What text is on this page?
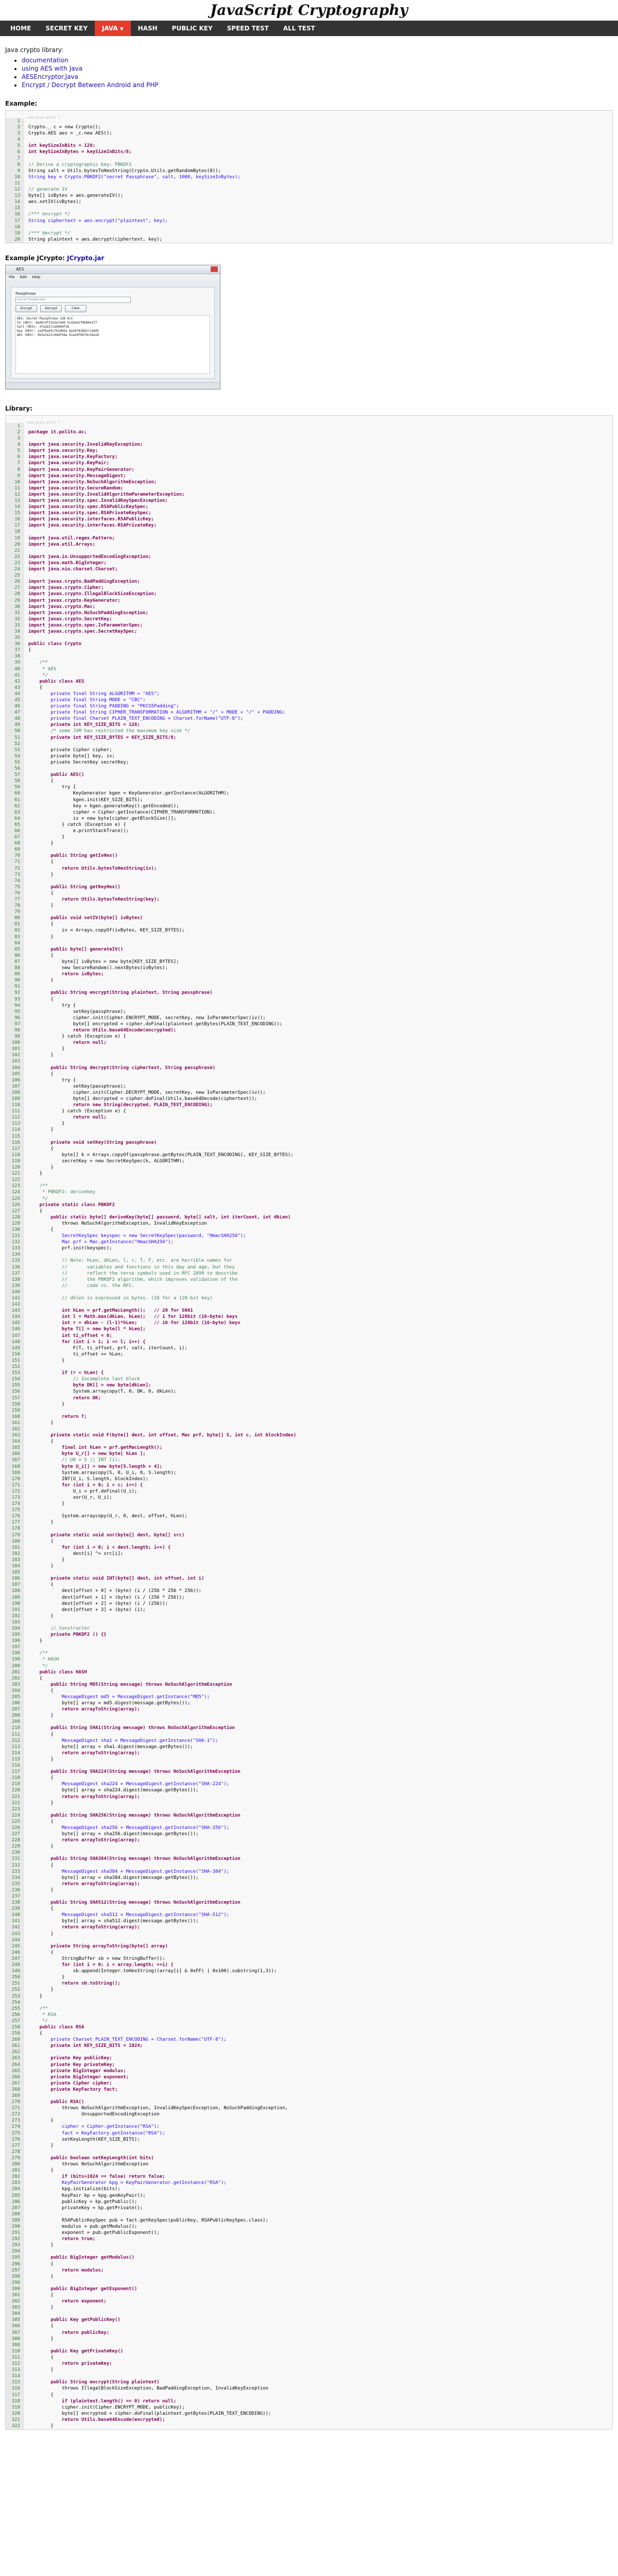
JavaScript Cryptography
HOME	SECRET KEY	JAVA ▼	HASH	PUBLIC KEY	SPEED TEST	ALL TEST

Java crypto library:

• documentation
• using AES with Java
• AESEncryptor.Java
• Encrypt / Decrypt Between Android and PHP
Example:
view plain print ?
1
2	Crypto._ c = new Crypto();
3	Crypto.AES aes = _c.new AES();
4
5	int keySizeInBits = 128;
6	int keySizeInBytes = keySizeInBits/8;
7
8	// Derive a cryptographic key: PBKDF2
9	String salt = Utils.bytesToHexString(Crypto.Utils.getRandomBytes(8));
10	String key = Crypto.PBKDF2("secret Passphrase", salt, 1000, keySizeInBytes);
11
12	// generate IV
13	byte[] ivBytes = aes.generateIV();
14	aes.setIV(ivBytes);
15
16	/*** encrypt */
17	String ciphertext = aes.encrypt("plaintext", key);
18
19	/*** decrypt */
20	String plaintext = aes.decrypt(ciphertext, key);
Example JCrypto: JCrypto.jar
AES
File Edit Help
Passphrase
Secret Passphrase
Encrypt	Decrypt	Clear
AES: Secret Passphrase 128 bit
IV (HEX): 8ad9c4f21b3e7a90 5cd2e61f0b84a377
Salt (HEX): 3fa1b27ce0d94f18
Key (HEX): 1e4f9a03c7b2d65e 8a10f43b92c7e0d5
AES (HEX): 9b3a7e21c04df58a 61e29f0b7dc34a18
Library:
view plain print ?
1
2	package it.polito.ac;
3
4	import java.security.InvalidKeyException;
5	import java.security.Key;
6	import java.security.KeyFactory;
7	import java.security.KeyPair;
8	import java.security.KeyPairGenerator;
9	import java.security.MessageDigest;
10	import java.security.NoSuchAlgorithmException;
11	import java.security.SecureRandom;
12	import java.security.InvalidAlgorithmParameterException;
13	import java.security.spec.InvalidKeySpecException;
14	import java.security.spec.RSAPublicKeySpec;
15	import java.security.spec.RSAPrivateKeySpec;
16	import java.security.interfaces.RSAPublicKey;
17	import java.security.interfaces.RSAPrivateKey;
18
19	import java.util.regex.Pattern;
20	import java.util.Arrays;
21
22	import java.io.UnsupportedEncodingException;
23	import java.math.BigInteger;
24	import java.nio.charset.Charset;
25
26	import javax.crypto.BadPaddingException;
27	import javax.crypto.Cipher;
28	import javax.crypto.IllegalBlockSizeException;
29	import javax.crypto.KeyGenerator;
30	import javax.crypto.Mac;
31	import javax.crypto.NoSuchPaddingException;
32	import javax.crypto.SecretKey;
33	import javax.crypto.spec.IvParameterSpec;
34	import javax.crypto.spec.SecretKeySpec;
35
36	public class Crypto
37	{
38
39	/**
40	* AES
41	*/
42	public class AES
43	{
44	private final String ALGORITHM = "AES";
45	private final String MODE = "CBC";
46	private final String PADDING = "PKCS5Padding";
47	private final String CIPHER_TRANSFORMATION = ALGORITHM + "/" + MODE + "/" + PADDING;
48	private final Charset PLAIN_TEXT_ENCODING = Charset.forName("UTF-8");
49	private int KEY_SIZE_BITS = 128;
50	/* some JVM has restricted the maximum key size */
51	private int KEY_SIZE_BYTES = KEY_SIZE_BITS/8;
52
53	private Cipher cipher;
54	private byte[] key, iv;
55	private SecretKey secretKey;
56
57	public AES()
58	{
59	try {
60	KeyGenerator kgen = KeyGenerator.getInstance(ALGORITHM);
61	kgen.init(KEY_SIZE_BITS);
62	key = kgen.generateKey().getEncoded();
63	cipher = Cipher.getInstance(CIPHER_TRANSFORMATION);
64	iv = new byte[cipher.getBlockSize()];
65	} catch (Exception e) {
66	e.printStackTrace();
67	}
68	}
69
70	public String getIvHex()
71	{
72	return Utils.bytesToHexString(iv);
73	}
74
75	public String getKeyHex()
76	{
77	return Utils.bytesToHexString(key);
78	}
79
80	public void setIV(byte[] ivBytes)
81	{
82	iv = Arrays.copyOf(ivBytes, KEY_SIZE_BYTES);
83	}
84
85	public byte[] generateIV()
86	{
87	byte[] ivBytes = new byte[KEY_SIZE_BYTES];
88	new SecureRandom().nextBytes(ivBytes);
89	return ivBytes;
90	}
91
92	public String encrypt(String plaintext, String passphrase)
93	{
94	try {
95	setKey(passphrase);
96	cipher.init(Cipher.ENCRYPT_MODE, secretKey, new IvParameterSpec(iv));
97	byte[] encrypted = cipher.doFinal(plaintext.getBytes(PLAIN_TEXT_ENCODING));
98	return Utils.base64Encode(encrypted);
99	} catch (Exception e) {
100	return null;
101	}
102	}
103
104	public String decrypt(String ciphertext, String passphrase)
105	{
106	try {
107	setKey(passphrase);
108	cipher.init(Cipher.DECRYPT_MODE, secretKey, new IvParameterSpec(iv));
109	byte[] decrypted = cipher.doFinal(Utils.base64Decode(ciphertext));
110	return new String(decrypted, PLAIN_TEXT_ENCODING);
111	} catch (Exception e) {
112	return null;
113	}
114	}
115
116	private void setKey(String passphrase)
117	{
118	byte[] k = Arrays.copyOf(passphrase.getBytes(PLAIN_TEXT_ENCODING), KEY_SIZE_BYTES);
119	secretKey = new SecretKeySpec(k, ALGORITHM);
120	}
121	}
122
123	/**
124	* PBKDF2: derivekey
125	*/
126	private static class PBKDF2
127	{
128	public static byte[] deriveKey(byte[] password, byte[] salt, int iterCount, int dkLen)
129	throws NoSuchAlgorithmException, InvalidKeyException
130	{
131	SecretKeySpec keyspec = new SecretKeySpec(password, "HmacSHA256");
132	Mac prf = Mac.getInstance("HmacSHA256");
133	prf.init(keyspec);
134
135	// Note: hLen, dkLen, l, r, T, F, etc. are horrible names for
136	//       variables and functions in this day and age, but they
137	//       reflect the terse symbols used in RFC 2898 to describe
138	//       the PBKDF2 algorithm, which improves validation of the
139	//       code vs. the RFC.
140
141	// dklen is expressed in bytes. (16 for a 128-bit key)
142
143	int hLen = prf.getMacLength();   // 20 for SHA1
144	int l = Math.max(dkLen, hLen);   // 1 for 128bit (16-byte) keys
145	int r = dkLen - (l-1)*hLen;      // 16 for 128bit (16-byte) keys
146	byte T[] = new byte[l * hLen];
147	int ti_offset = 0;
148	for (int i = 1; i <= l; i++) {
149	F(T, ti_offset, prf, salt, iterCount, i);
150	ti_offset += hLen;
151	}
152
153	if (r < hLen) {
154	// Incomplete last block
155	byte DK[] = new byte[dkLen];
156	System.arraycopy(T, 0, DK, 0, dkLen);
157	return DK;
158	}
159
160	return T;
161	}
162
163	private static void F(byte[] dest, int offset, Mac prf, byte[] S, int c, int blockIndex)
164	{
165	final int hLen = prf.getMacLength();
166	byte U_r[] = new byte[ hLen ];
167	// U0 = S || INT (i);
168	byte U_i[] = new byte[S.length + 4];
169	System.arraycopy(S, 0, U_i, 0, S.length);
170	INT(U_i, S.length, blockIndex);
171	for (int i = 0; i < c; i++) {
172	U_i = prf.doFinal(U_i);
173	xor(U_r, U_i);
174	}
175
176	System.arraycopy(U_r, 0, dest, offset, hLen);
177	}
178
179	private static void xor(byte[] dest, byte[] src)
180	{
181	for (int i = 0; i < dest.length; i++) {
182	dest[i] ^= src[i];
183	}
184	}
185
186	private static void INT(byte[] dest, int offset, int i)
187	{
188	dest[offset + 0] = (byte) (i / (256 * 256 * 256));
189	dest[offset + 1] = (byte) (i / (256 * 256));
190	dest[offset + 2] = (byte) (i / (256));
191	dest[offset + 3] = (byte) (i);
192	}
193
194	// Constructor
195	private PBKDF2 () {}
196	}
197
198	/**
199	* HASH
200	*/
201	public class HASH
202	{
203	public String MD5(String message) throws NoSuchAlgorithmException
204	{
205	MessageDigest md5 = MessageDigest.getInstance("MD5");
206	byte[] array = md5.digest(message.getBytes());
207	return arrayToString(array);
208	}
209
210	public String SHA1(String message) throws NoSuchAlgorithmException
211	{
212	MessageDigest sha1 = MessageDigest.getInstance("SHA-1");
213	byte[] array = sha1.digest(message.getBytes());
214	return arrayToString(array);
215	}
216
217	public String SHA224(String message) throws NoSuchAlgorithmException
218	{
219	MessageDigest sha224 = MessageDigest.getInstance("SHA-224");
220	byte[] array = sha224.digest(message.getBytes());
221	return arrayToString(array);
222	}
223
224	public String SHA256(String message) throws NoSuchAlgorithmException
225	{
226	MessageDigest sha256 = MessageDigest.getInstance("SHA-256");
227	byte[] array = sha256.digest(message.getBytes());
228	return arrayToString(array);
229	}
230
231	public String SHA384(String message) throws NoSuchAlgorithmException
232	{
233	MessageDigest sha384 = MessageDigest.getInstance("SHA-384");
234	byte[] array = sha384.digest(message.getBytes());
235	return arrayToString(array);
236	}
237
238	public String SHA512(String message) throws NoSuchAlgorithmException
239	{
240	MessageDigest sha512 = MessageDigest.getInstance("SHA-512");
241	byte[] array = sha512.digest(message.getBytes());
242	return arrayToString(array);
243	}
244
245	private String arrayToString(byte[] array)
246	{
247	StringBuffer sb = new StringBuffer();
248	for (int i = 0; i < array.length; ++i) {
249	sb.append(Integer.toHexString((array[i] & 0xFF) | 0x100).substring(1,3));
250	}
251	return sb.toString();
252	}
253	}
254
255	/**
256	* RSA
257	*/
258	public class RSA
259	{
260	private Charset PLAIN_TEXT_ENCODING = Charset.forName("UTF-8");
261	private int KEY_SIZE_BITS = 1024;
262
263	private Key publicKey;
264	private Key privateKey;
265	private BigInteger modulus;
266	private BigInteger exponent;
267	private Cipher cipher;
268	private KeyFactory fact;
269
270	public RSA()
271	throws NoSuchAlgorithmException, InvalidKeySpecException, NoSuchPaddingException,
272	UnsupportedEncodingException
273	{
274	cipher = Cipher.getInstance("RSA");
275	fact = KeyFactory.getInstance("RSA");
276	setKeyLength(KEY_SIZE_BITS);
277	}
278
279	public boolean setKeyLength(int bits)
280	throws NoSuchAlgorithmException
281	{
282	if (bits>1024 == false) return false;
283	KeyPairGenerator kpg = KeyPairGenerator.getInstance("RSA");
284	kpg.initialize(bits);
285	KeyPair kp = kpg.genKeyPair();
286	publicKey = kp.getPublic();
287	privateKey = kp.getPrivate();
288
289	RSAPublicKeySpec pub = fact.getKeySpec(publicKey, RSAPublicKeySpec.class);
290	modulus = pub.getModulus();
291	exponent = pub.getPublicExponent();
292	return true;
293	}
294
295	public BigInteger getModulus()
296	{
297	return modulus;
298	}
299
300	public BigInteger getExponent()
301	{
302	return exponent;
303	}
304
305	public Key getPublicKey()
306	{
307	return publicKey;
308	}
309
310	public Key getPrivateKey()
311	{
312	return privateKey;
313	}
314
315	public String encrypt(String plaintext)
316	throws IllegalBlockSizeException, BadPaddingException, InvalidKeyException
317	{
318	if (plaintext.length() == 0) return null;
319	cipher.init(Cipher.ENCRYPT_MODE, publicKey);
320	byte[] encrypted = cipher.doFinal(plaintext.getBytes(PLAIN_TEXT_ENCODING));
321	return Utils.base64Encode(encrypted);
322	}
